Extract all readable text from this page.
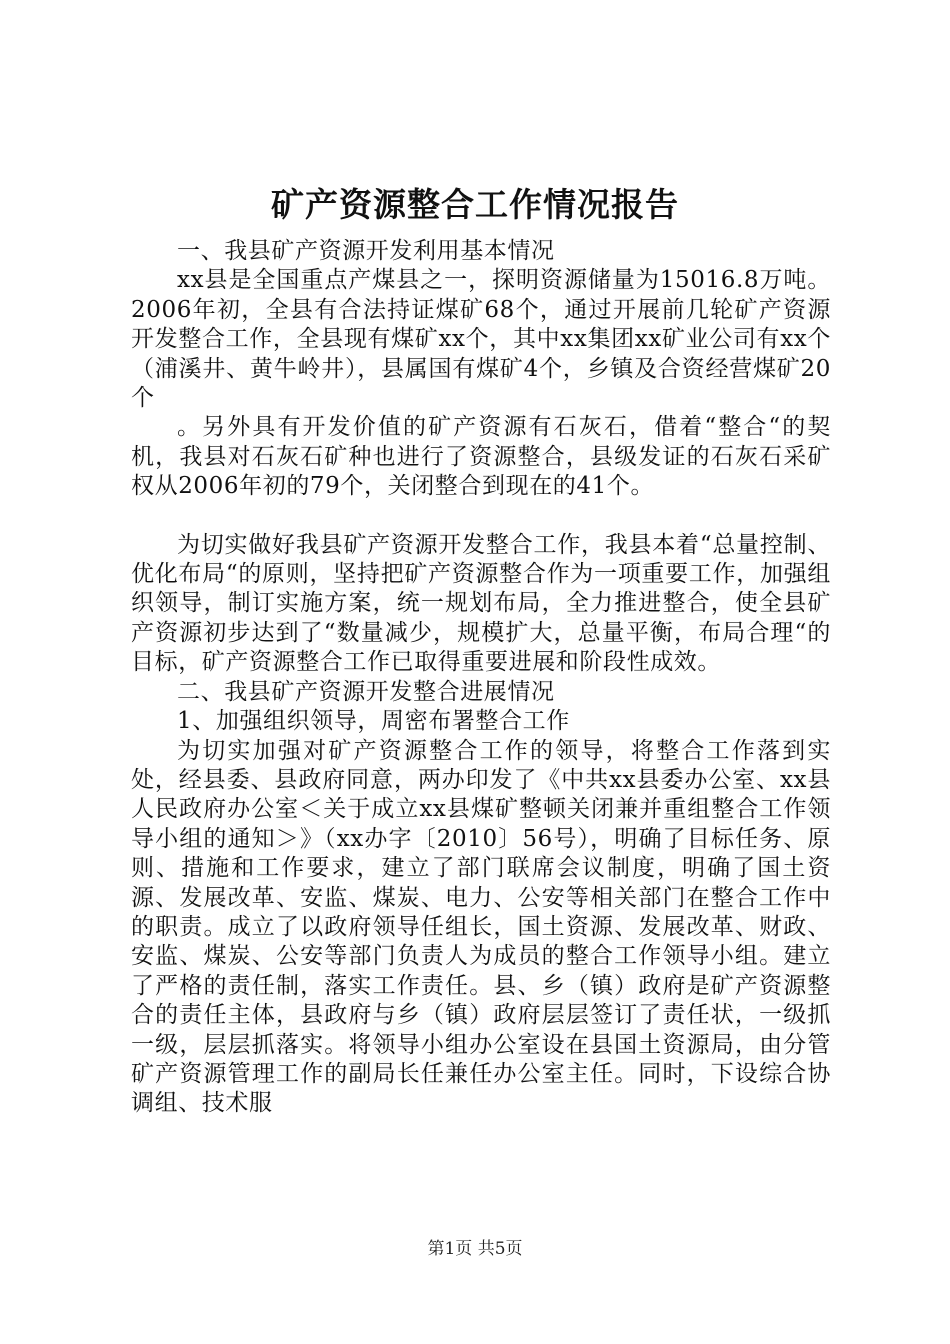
矿产资源整合工作情况报告

一、我县矿产资源开发利用基本情况

xx县是全国重点产煤县之一，探明资源储量为15016.8万吨。2006年初，全县有合法持证煤矿68个，通过开展前几轮矿产资源开发整合工作，全县现有煤矿xx个，其中xx集团xx矿业公司有xx个（浦溪井、黄牛岭井），县属国有煤矿4个，乡镇及合资经营煤矿20个

。另外具有开发价值的矿产资源有石灰石，借着“整合“的契机，我县对石灰石矿种也进行了资源整合，县级发证的石灰石采矿权从2006年初的79个，关闭整合到现在的41个。

为切实做好我县矿产资源开发整合工作，我县本着“总量控制、优化布局“的原则，坚持把矿产资源整合作为一项重要工作，加强组织领导，制订实施方案，统一规划布局，全力推进整合，使全县矿产资源初步达到了“数量减少，规模扩大，总量平衡，布局合理“的目标，矿产资源整合工作已取得重要进展和阶段性成效。

二、我县矿产资源开发整合进展情况

1、加强组织领导，周密布署整合工作

为切实加强对矿产资源整合工作的领导，将整合工作落到实处，经县委、县政府同意，两办印发了《中共xx县委办公室、xx县人民政府办公室＜关于成立xx县煤矿整顿关闭兼并重组整合工作领导小组的通知＞》（xx办字〔2010〕56号），明确了目标任务、原则、措施和工作要求，建立了部门联席会议制度，明确了国土资源、发展改革、安监、煤炭、电力、公安等相关部门在整合工作中的职责。成立了以政府领导任组长，国土资源、发展改革、财政、安监、煤炭、公安等部门负责人为成员的整合工作领导小组。建立了严格的责任制，落实工作责任。县、乡（镇）政府是矿产资源整合的责任主体，县政府与乡（镇）政府层层签订了责任状，一级抓一级，层层抓落实。将领导小组办公室设在县国土资源局，由分管矿产资源管理工作的副局长任兼任办公室主任。同时，下设综合协调组、技术服

第1页 共5页
